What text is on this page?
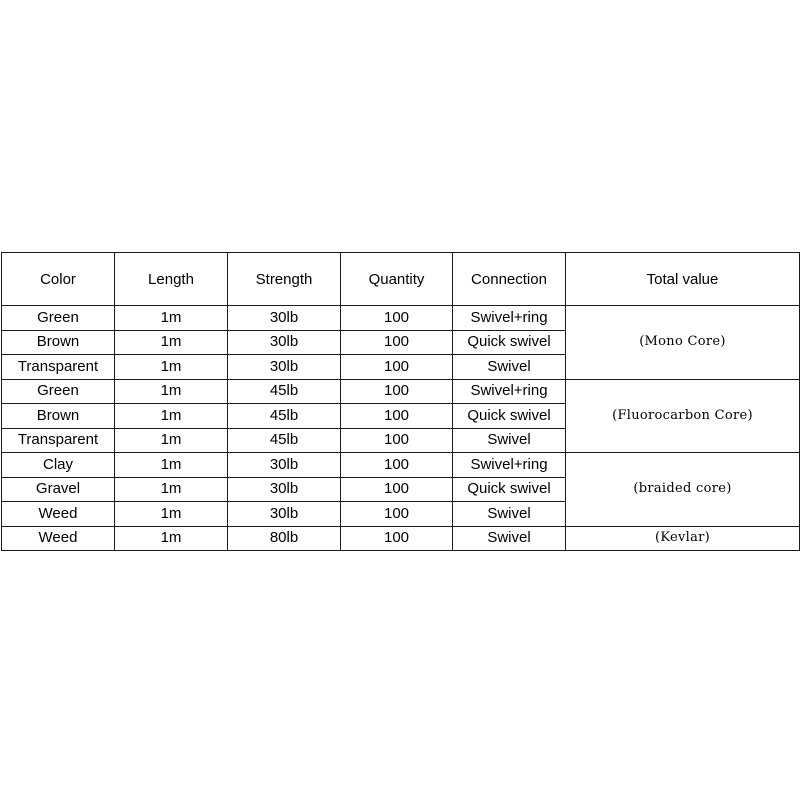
Color	Length	Strength	Quantity	Connection	Total value
Green	1m	30lb	100	Swivel+ring	(Mono Core)
Brown	1m	30lb	100	Quick swivel	
Transparent	1m	30lb	100	Swivel	
Green	1m	45lb	100	Swivel+ring	(Fluorocarbon Core)
Brown	1m	45lb	100	Quick swivel	
Transparent	1m	45lb	100	Swivel	
Clay	1m	30lb	100	Swivel+ring	(braided core)
Gravel	1m	30lb	100	Quick swivel	
Weed	1m	30lb	100	Swivel	
Weed	1m	80lb	100	Swivel	(Kevlar)
